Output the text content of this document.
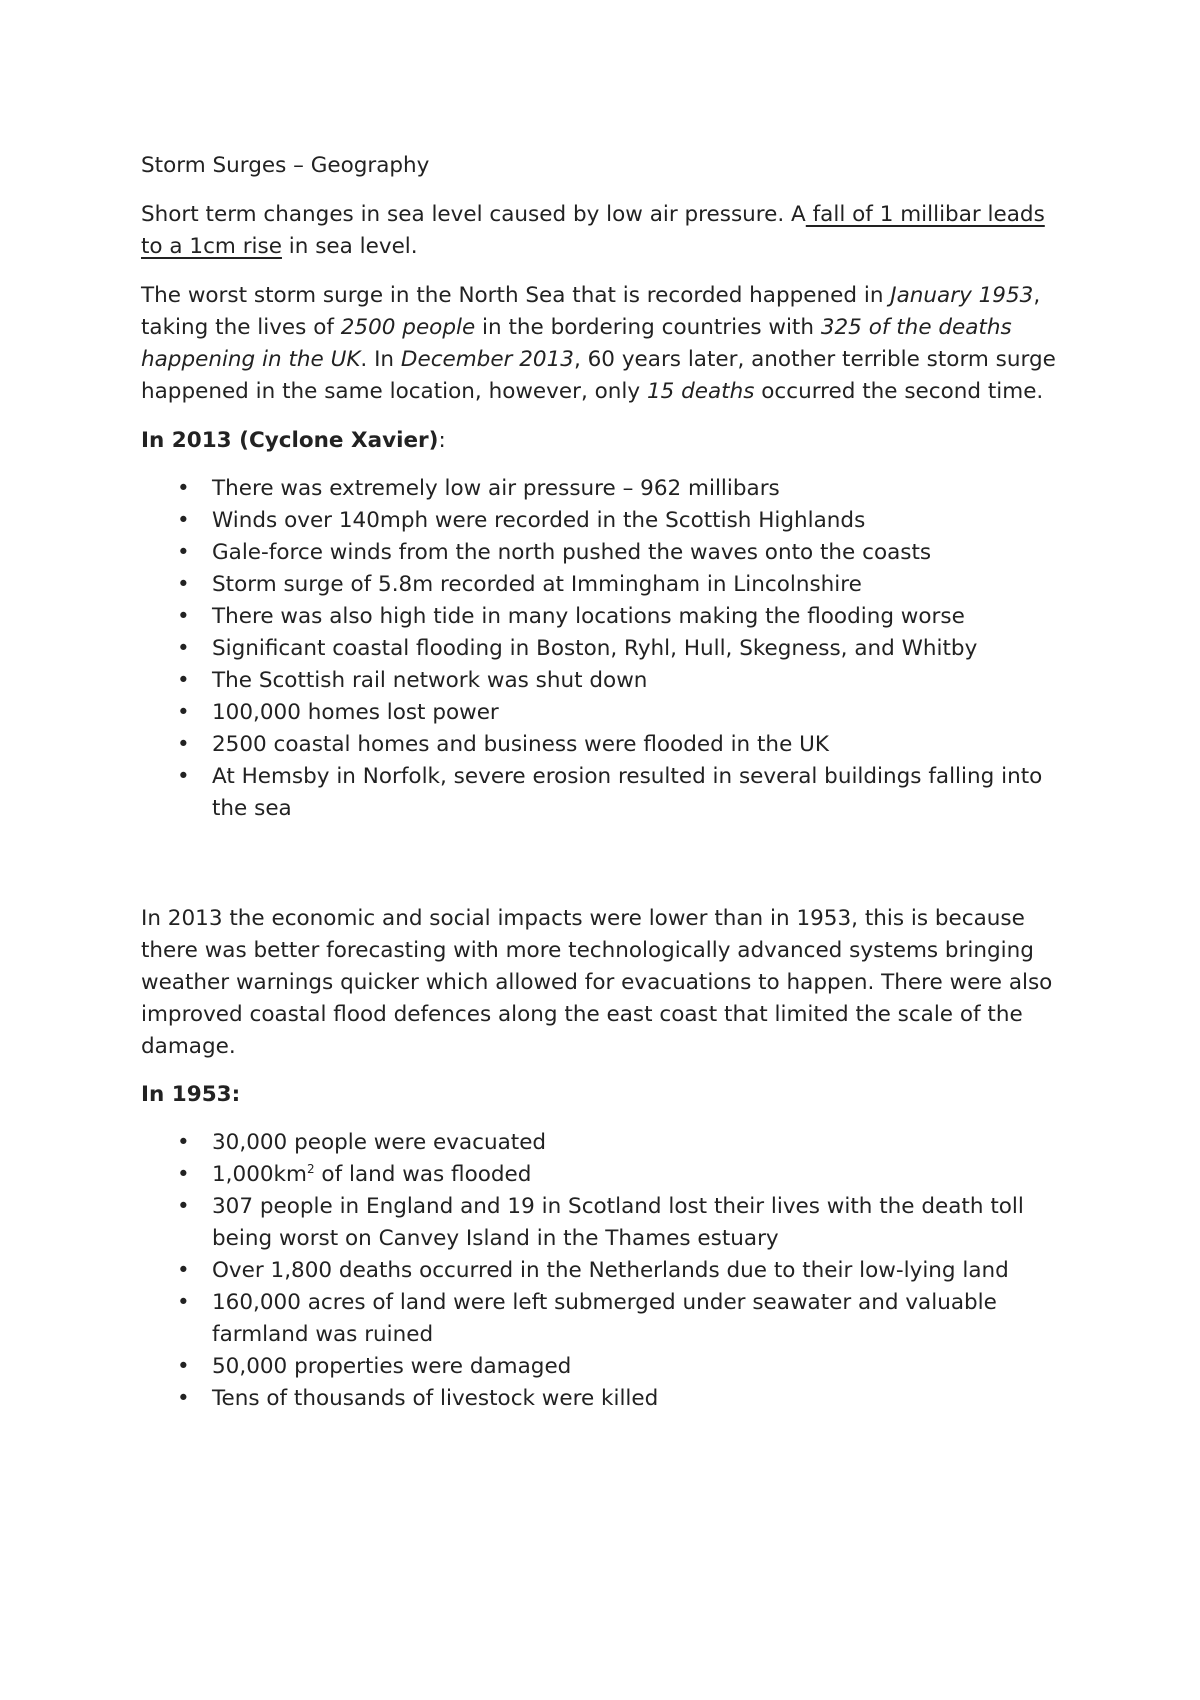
Storm Surges – Geography

Short term changes in sea level caused by low air pressure. A fall of 1 millibar leads to a 1cm rise in sea level.

The worst storm surge in the North Sea that is recorded happened in January 1953, taking the lives of 2500 people in the bordering countries with 325 of the deaths happening in the UK. In December 2013, 60 years later, another terrible storm surge happened in the same location, however, only 15 deaths occurred the second time.

In 2013 (Cyclone Xavier):

• There was extremely low air pressure – 962 millibars
• Winds over 140mph were recorded in the Scottish Highlands
• Gale-force winds from the north pushed the waves onto the coasts
• Storm surge of 5.8m recorded at Immingham in Lincolnshire
• There was also high tide in many locations making the flooding worse
• Significant coastal flooding in Boston, Ryhl, Hull, Skegness, and Whitby
• The Scottish rail network was shut down
• 100,000 homes lost power
• 2500 coastal homes and business were flooded in the UK
• At Hemsby in Norfolk, severe erosion resulted in several buildings falling into the sea

In 2013 the economic and social impacts were lower than in 1953, this is because there was better forecasting with more technologically advanced systems bringing weather warnings quicker which allowed for evacuations to happen. There were also improved coastal flood defences along the east coast that limited the scale of the damage.

In 1953:

• 30,000 people were evacuated
• $1,000km^2$ of land was flooded
• 307 people in England and 19 in Scotland lost their lives with the death toll being worst on Canvey Island in the Thames estuary
• Over 1,800 deaths occurred in the Netherlands due to their low-lying land
• 160,000 acres of land were left submerged under seawater and valuable farmland was ruined
• 50,000 properties were damaged
• Tens of thousands of livestock were killed
